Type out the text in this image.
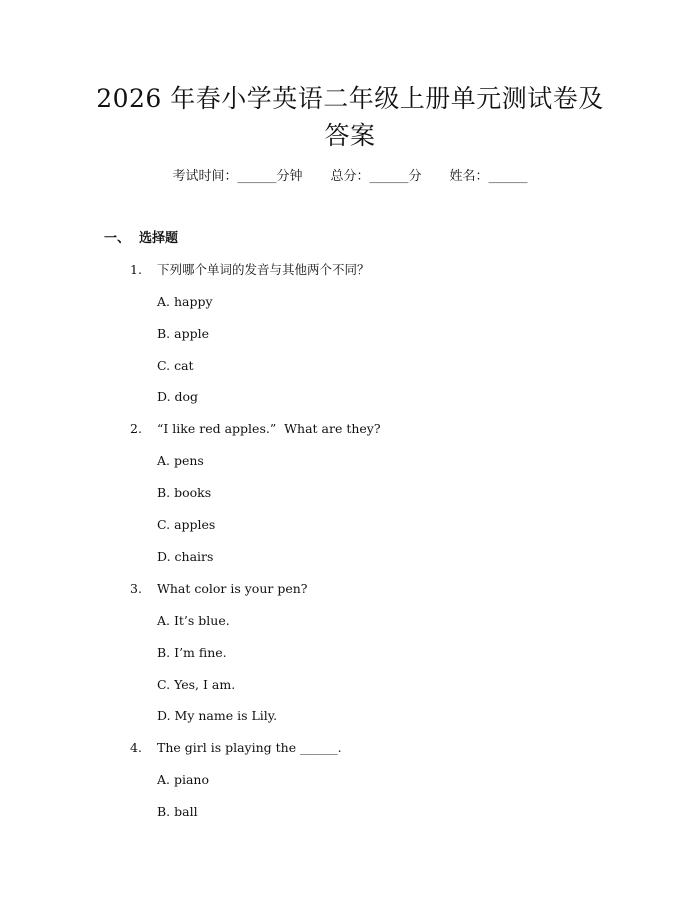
2026 年春小学英语二年级上册单元测试卷及
答案
考试时间：______分钟 总分：______分 姓名：______
一、  选择题
1. 下列哪个单词的发音与其他两个不同？
A. happy
B. apple
C. cat
D. dog
2. “I like red apples.”  What are they?
A. pens
B. books
C. apples
D. chairs
3. What color is your pen?
A. It’s blue.
B. I’m fine.
C. Yes, I am.
D. My name is Lily.
4. The girl is playing the ______.
A. piano
B. ball
